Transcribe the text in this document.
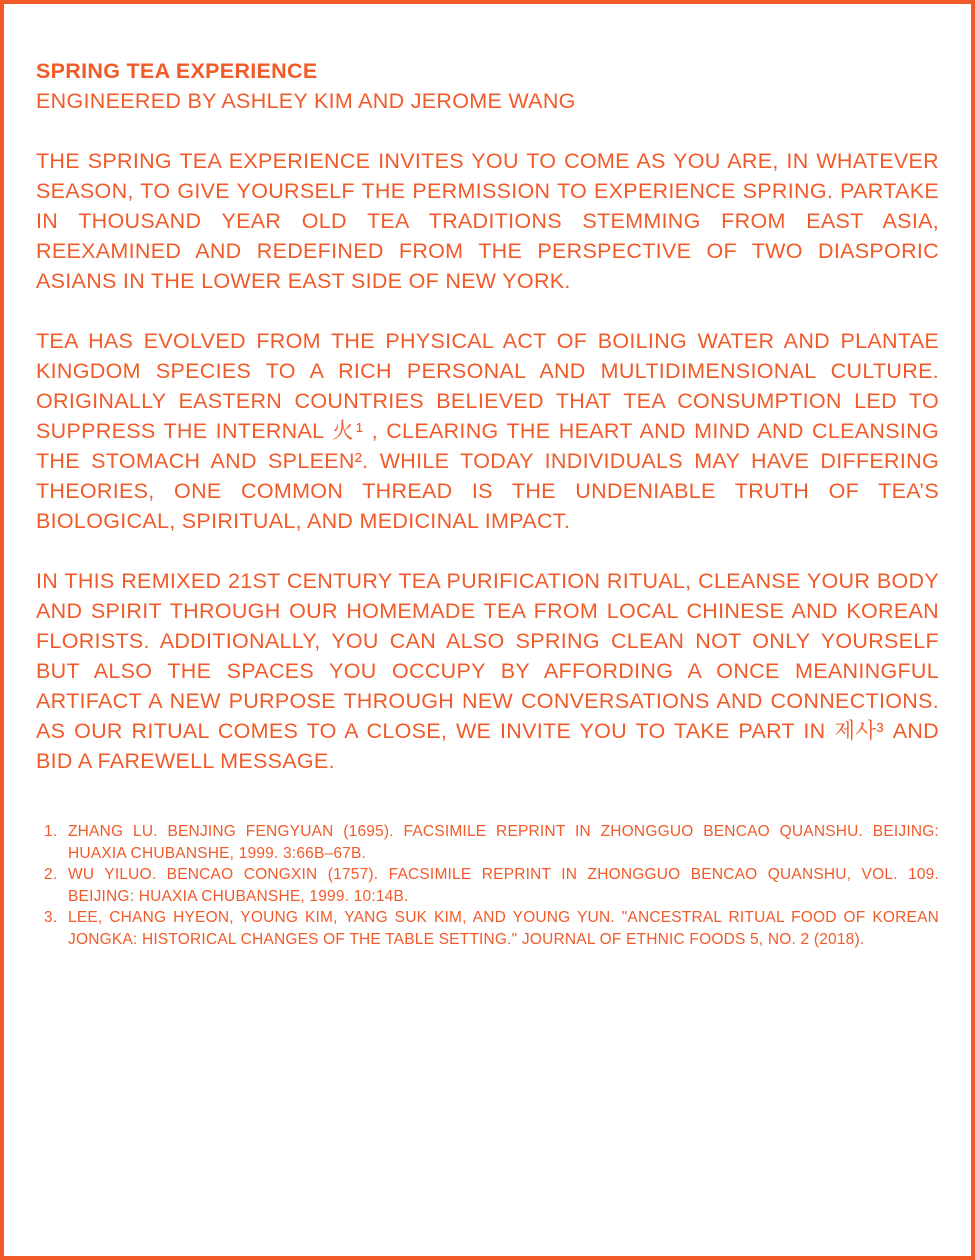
SPRING TEA EXPERIENCE
ENGINEERED BY ASHLEY KIM AND JEROME WANG

THE SPRING TEA EXPERIENCE INVITES YOU TO COME AS YOU ARE, IN WHATEVER SEASON, TO GIVE YOURSELF THE PERMISSION TO EXPERIENCE SPRING. PARTAKE IN THOUSAND YEAR OLD TEA TRADITIONS STEMMING FROM EAST ASIA, REEXAMINED AND REDEFINED FROM THE PERSPECTIVE OF TWO DIASPORIC ASIANS IN THE LOWER EAST SIDE OF NEW YORK.

TEA HAS EVOLVED FROM THE PHYSICAL ACT OF BOILING WATER AND PLANTAE KINGDOM SPECIES TO A RICH PERSONAL AND MULTIDIMENSIONAL CULTURE. ORIGINALLY EASTERN COUNTRIES BELIEVED THAT TEA CONSUMPTION LED TO SUPPRESS THE INTERNAL 火¹ , CLEARING THE HEART AND MIND AND CLEANSING THE STOMACH AND SPLEEN². WHILE TODAY INDIVIDUALS MAY HAVE DIFFERING THEORIES, ONE COMMON THREAD IS THE UNDENIABLE TRUTH OF TEA’S BIOLOGICAL, SPIRITUAL, AND MEDICINAL IMPACT.

IN THIS REMIXED 21ST CENTURY TEA PURIFICATION RITUAL, CLEANSE YOUR BODY AND SPIRIT THROUGH OUR HOMEMADE TEA FROM LOCAL CHINESE AND KOREAN FLORISTS. ADDITIONALLY, YOU CAN ALSO SPRING CLEAN NOT ONLY YOURSELF BUT ALSO THE SPACES YOU OCCUPY BY AFFORDING A ONCE MEANINGFUL ARTIFACT A NEW PURPOSE THROUGH NEW CONVERSATIONS AND CONNECTIONS. AS OUR RITUAL COMES TO A CLOSE, WE INVITE YOU TO TAKE PART IN 제사³ AND BID A FAREWELL MESSAGE.

1. ZHANG LU. BENJING FENGYUAN (1695). FACSIMILE REPRINT IN ZHONGGUO BENCAO QUANSHU. BEIJING: HUAXIA CHUBANSHE, 1999. 3:66B–67B.
2. WU YILUO. BENCAO CONGXIN (1757). FACSIMILE REPRINT IN ZHONGGUO BENCAO QUANSHU, VOL. 109. BEIJING: HUAXIA CHUBANSHE, 1999. 10:14B.
3. LEE, CHANG HYEON, YOUNG KIM, YANG SUK KIM, AND YOUNG YUN. "ANCESTRAL RITUAL FOOD OF KOREAN JONGKA: HISTORICAL CHANGES OF THE TABLE SETTING." JOURNAL OF ETHNIC FOODS 5, NO. 2 (2018).
